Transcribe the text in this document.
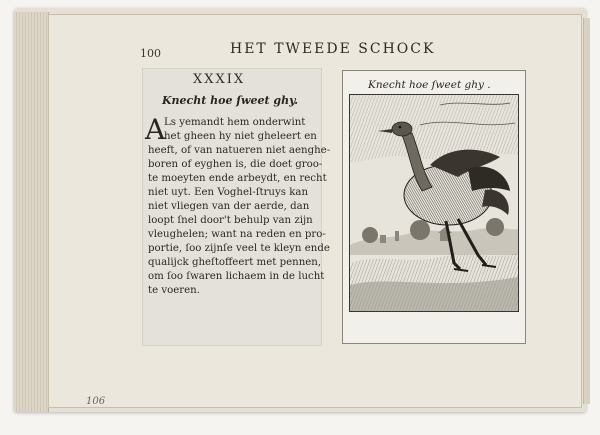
100	HET TWEEDE SCHOCK
XXXIX
Knecht hoe ſweet ghy.
A
Ls yemandt hem onderwint
het gheen hy niet gheleert en
heeft, of van natueren niet aenghe-
boren of eyghen is, die doet groo-
te moeyten ende arbeydt, en recht
niet uyt. Een Voghel-ſtruys kan
niet vliegen van der aerde, dan
loopt ſnel door't behulp van zijn
vleughelen; want na reden en pro-
portie, ſoo zijnſe veel te kleyn ende
qualijck gheſtoffeert met pennen,
om ſoo ſwaren lichaem in de lucht
te voeren.
Knecht hoe ſweet ghy .
106
